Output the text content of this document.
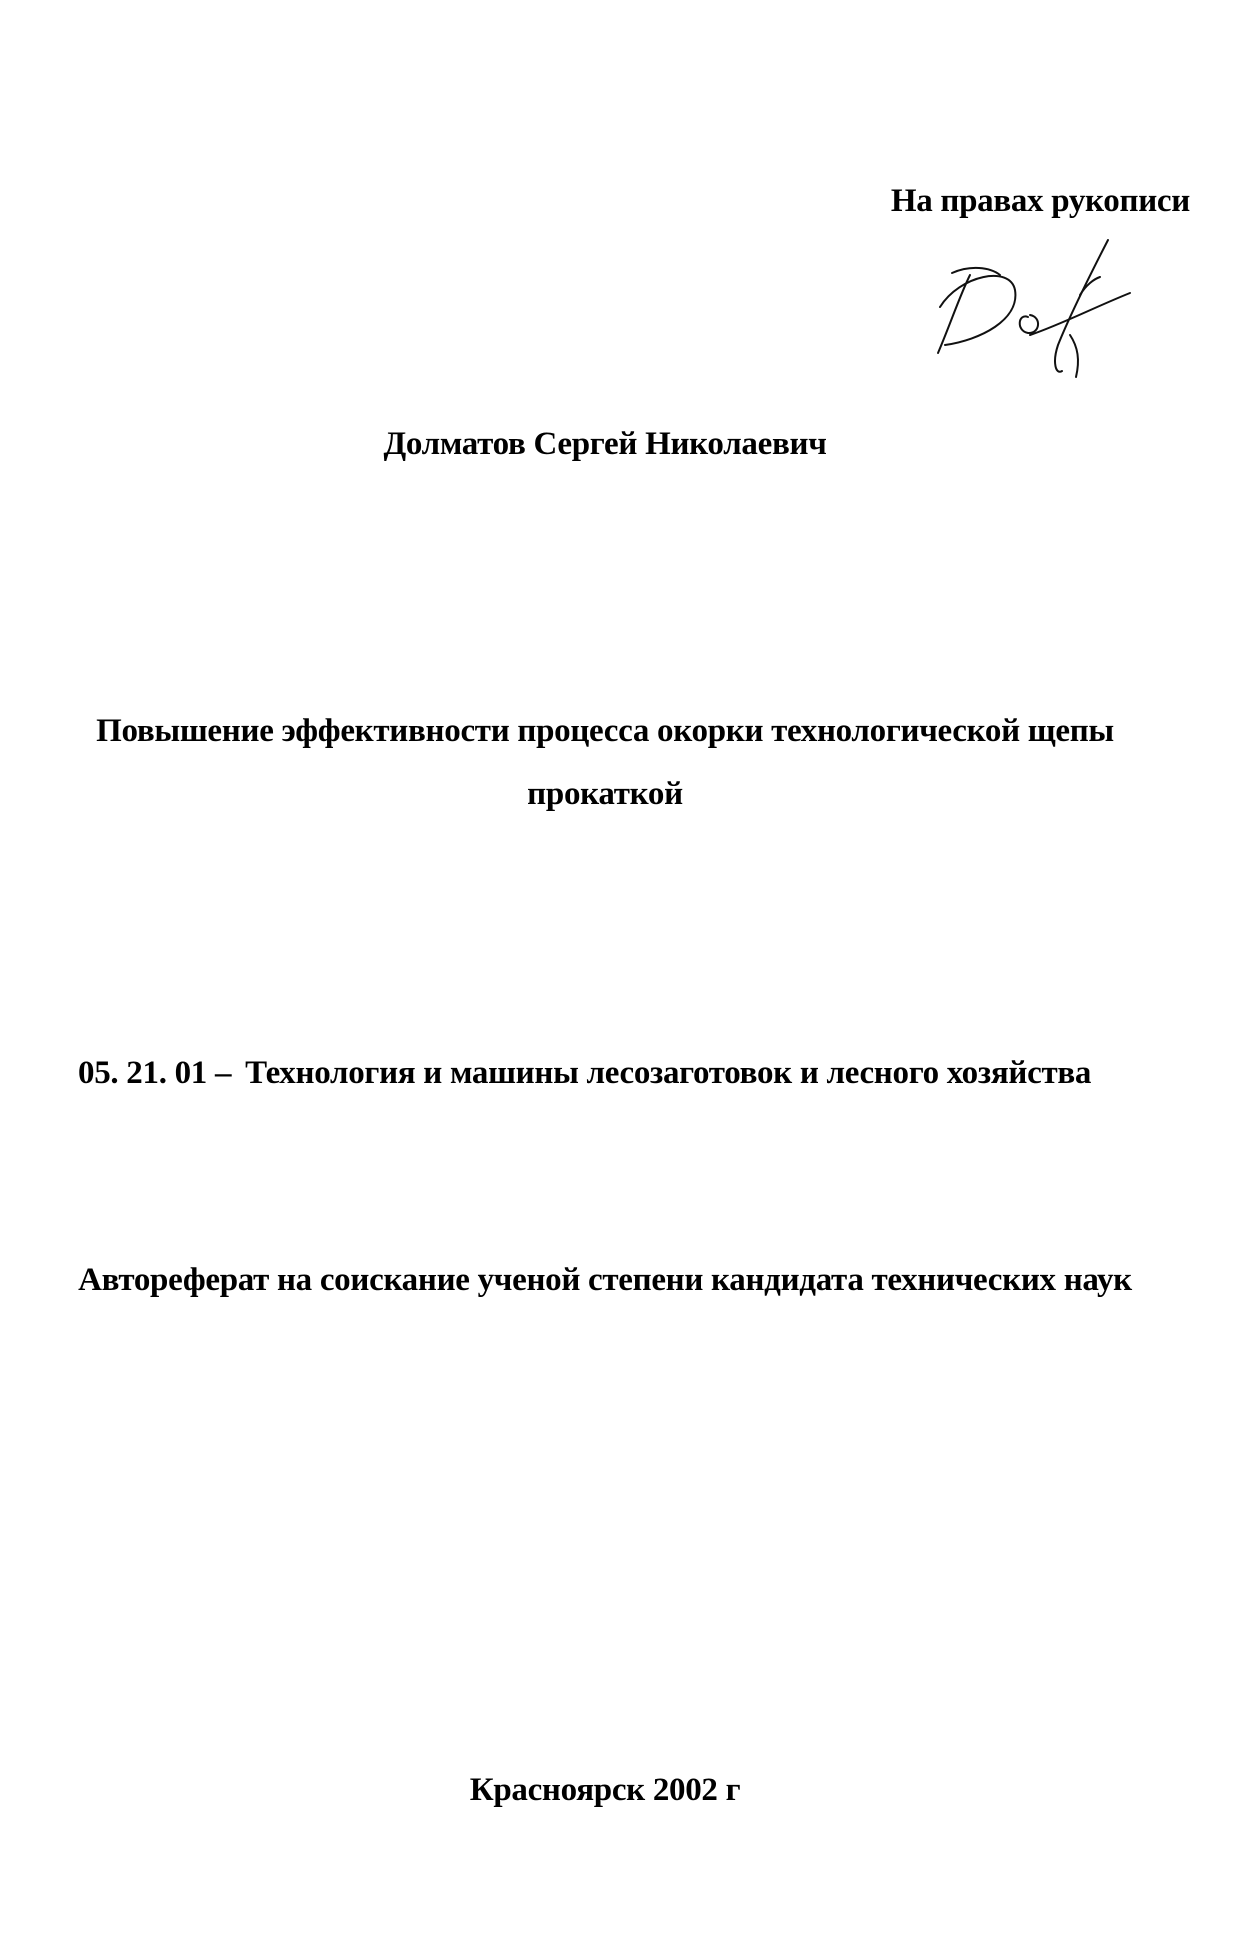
На правах рукописи
Долматов Сергей Николаевич
Повышение эффективности процесса окорки технологической щепы
прокаткой
05. 21. 01 – Технология и машины лесозаготовок и лесного хозяйства
Автореферат на соискание ученой степени кандидата технических наук
Красноярск 2002 г
